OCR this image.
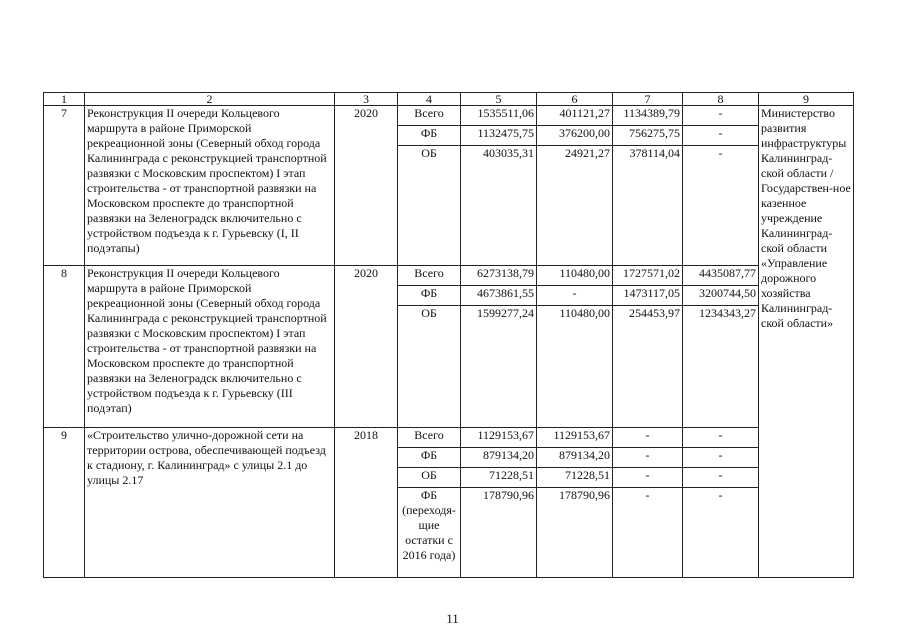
1	2	3	4	5	6	7	8	9
7	Реконструкция II очереди Кольцевого маршрута в районе Приморской рекреационной зоны (Северный обход города Калининграда с реконструкцией транспортной развязки с Московским проспектом) I этап строительства - от транспортной развязки на Московском проспекте до транспортной развязки на Зеленоградск включительно с устройством подъезда к г. Гурьевску (I, II подэтапы)	2020	Всего	1535511,06	401121,27	1134389,79	-	Министерство развития инфраструктуры Калининград-ской области / Государствен-ное казенное учреждение Калининград-ской области «Управление дорожного хозяйства Калининград-ской области»
			ФБ	1132475,75	376200,00	756275,75	-	
			ОБ	403035,31	24921,27	378114,04	-	
8	Реконструкция II очереди Кольцевого маршрута в районе Приморской рекреационной зоны (Северный обход города Калининграда с реконструкцией транспортной развязки с Московским проспектом) I этап строительства - от транспортной развязки на Московском проспекте до транспортной развязки на Зеленоградск включительно с устройством подъезда к г. Гурьевску (III подэтап)	2020	Всего	6273138,79	110480,00	1727571,02	4435087,77	
			ФБ	4673861,55	-	1473117,05	3200744,50	
			ОБ	1599277,24	110480,00	254453,97	1234343,27	
9	«Строительство улично-дорожной сети на территории острова, обеспечивающей подъезд к стадиону, г. Калининград» с улицы 2.1 до улицы 2.17	2018	Всего	1129153,67	1129153,67	-	-	
			ФБ	879134,20	879134,20	-	-	
			ОБ	71228,51	71228,51	-	-	
			ФБ (переходя-щие остатки с 2016 года)	178790,96	178790,96	-	-	
11
